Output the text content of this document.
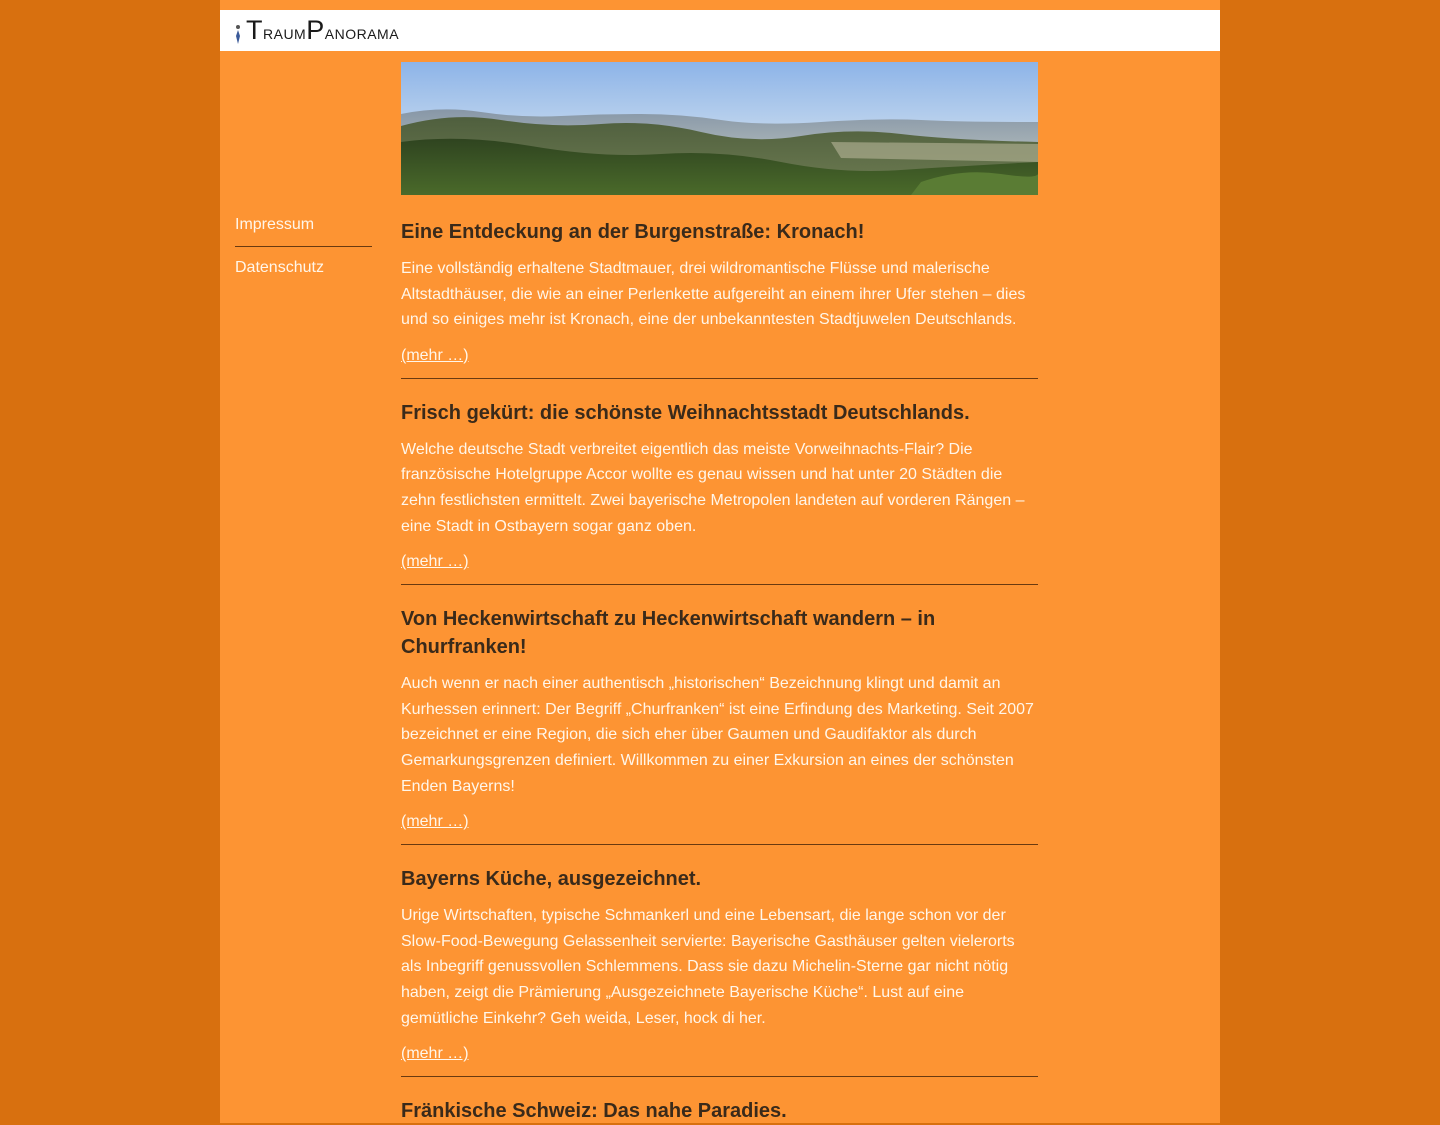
TraumPanorama
Impressum
Datenschutz
Eine Entdeckung an der Burgenstraße: Kronach!

Eine vollständig erhaltene Stadtmauer, drei wildromantische Flüsse und malerische Altstadthäuser, die wie an einer Perlenkette aufgereiht an einem ihrer Ufer stehen – dies und so einiges mehr ist Kronach, eine der unbekanntesten Stadtjuwelen Deutschlands.

(mehr …)
Frisch gekürt: die schönste Weihnachtsstadt Deutschlands.

Welche deutsche Stadt verbreitet eigentlich das meiste Vorweihnachts-Flair? Die französische Hotelgruppe Accor wollte es genau wissen und hat unter 20 Städten die zehn festlichsten ermittelt. Zwei bayerische Metropolen landeten auf vorderen Rängen – eine Stadt in Ostbayern sogar ganz oben.

(mehr …)
Von Heckenwirtschaft zu Heckenwirtschaft wandern – in Churfranken!

Auch wenn er nach einer authentisch „historischen“ Bezeichnung klingt und damit an Kurhessen erinnert: Der Begriff „Churfranken“ ist eine Erfindung des Marketing. Seit 2007 bezeichnet er eine Region, die sich eher über Gaumen und Gaudifaktor als durch Gemarkungsgrenzen definiert. Willkommen zu einer Exkursion an eines der schönsten Enden Bayerns!

(mehr …)
Bayerns Küche, ausgezeichnet.

Urige Wirtschaften, typische Schmankerl und eine Lebensart, die lange schon vor der Slow-Food-Bewegung Gelassenheit servierte: Bayerische Gasthäuser gelten vielerorts als Inbegriff genussvollen Schlemmens. Dass sie dazu Michelin-Sterne gar nicht nötig haben, zeigt die Prämierung „Ausgezeichnete Bayerische Küche“. Lust auf eine gemütliche Einkehr? Geh weida, Leser, hock di her.

(mehr …)
Fränkische Schweiz: Das nahe Paradies.
